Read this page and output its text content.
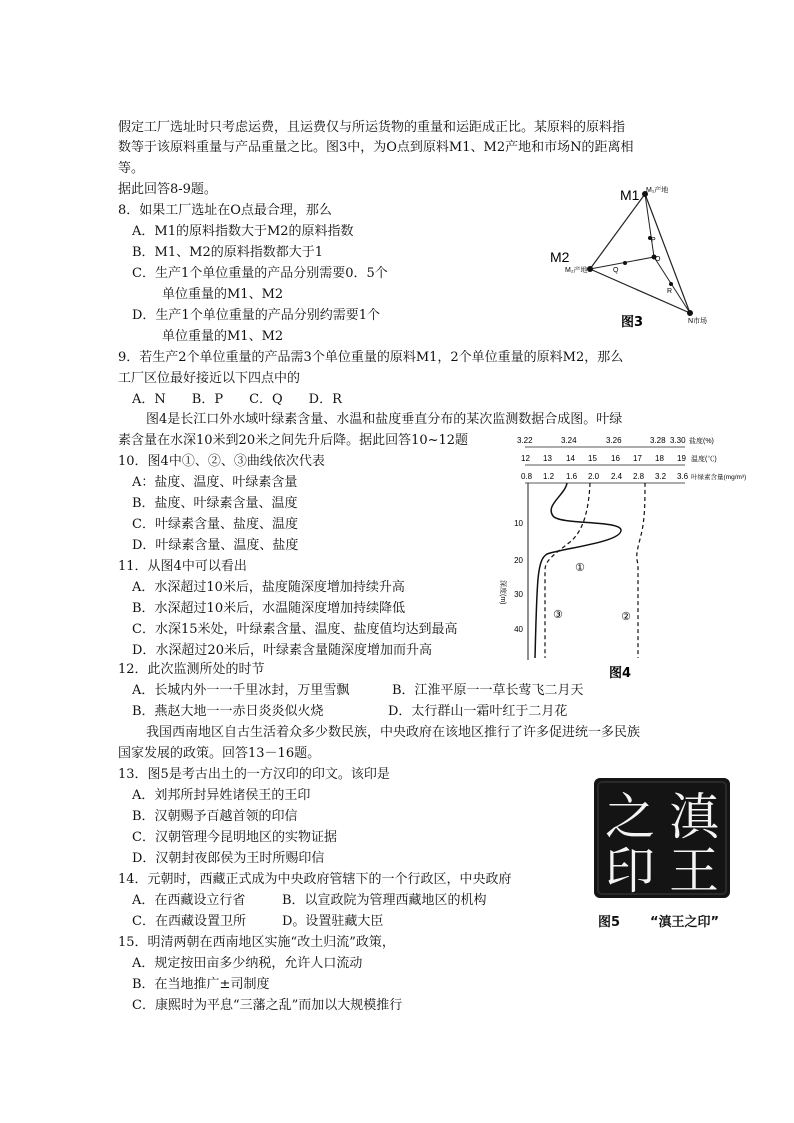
假定工厂选址时只考虑运费，且运费仅与所运货物的重量和运距成正比。某原料的原料指
数等于该原料重量与产品重量之比。图3中，为O点到原料M1、M2产地和市场N的距离相
等。
据此回答8-9题。
8．如果工厂选址在O点最合理，那么
A．M1的原料指数大于M2的原料指数
B．M1、M2的原料指数都大于1
C．生产1个单位重量的产品分别需要0．5个
单位重量的M1、M2
D．生产1个单位重量的产品分别约需要1个
单位重量的M1、M2
9．若生产2个单位重量的产品需3个单位重量的原料M1，2个单位重量的原料M2，那么
工厂区位最好接近以下四点中的
A．N　　B．P　　C．Q　　D．R
M1 M₁产地
M2
M₂产地
P
Q
O
R
N市场
图3
图4是长江口外水域叶绿素含量、水温和盐度垂直分布的某次监测数据合成图。叶绿
素含量在水深10米到20米之间先升后降。据此回答10~12题
10．图4中①、②、③曲线依次代表
A：盐度、温度、叶绿素含量
B．盐度、叶绿素含量、温度
C．叶绿素含量、盐度、温度
D．叶绿素含量、温度、盐度
11．从图4中可以看出
A．水深超过10米后，盐度随深度增加持续升高
B．水深超过10米后，水温随深度增加持续降低
C．水深15米处，叶绿素含量、温度、盐度值均达到最高
D．水深超过20米后，叶绿素含量随深度增加而升高
3.22	3.24	3.26	3.28 3.30 盐度(%)
12 13 14 15 16 17 18 19 温度(℃)
0.8 1.2 1.6 2.0 2.4 2.8 3.2 3.6 叶绿素含量(mg/m³)
10
20
30
40
深度(m)
①
②
③
图4
12．此次监测所处的时节
A．长城内外一一千里冰封，万里雪飘	B．江淮平原一一草长莺飞二月天
B．燕赵大地一一赤日炎炎似火烧	D．太行群山一霜叶红于二月花
我国西南地区自古生活着众多少数民族，中央政府在该地区推行了许多促进统一多民族
国家发展的政策。回答13－16题。
13．图5是考古出土的一方汉印的印文。该印是
A．刘邦所封异姓诸侯王的王印
B．汉朝赐予百越首领的印信
C．汉朝管理今昆明地区的实物证据
D．汉朝封夜郎侯为王时所赐印信
14．元朝时，西藏正式成为中央政府管辖下的一个行政区，中央政府
A．在西藏设立行省	B．以宣政院为管理西藏地区的机构
C．在西藏设置卫所	D。设置驻藏大臣
15．明清两朝在西南地区实施“改土归流”政策，
A．规定按田亩多少纳税，允许人口流动
B．在当地推广±司制度
C．康熙时为平息“三藩之乱”而加以大规模推行
滇
王
之
印
图5 “滇王之印”
